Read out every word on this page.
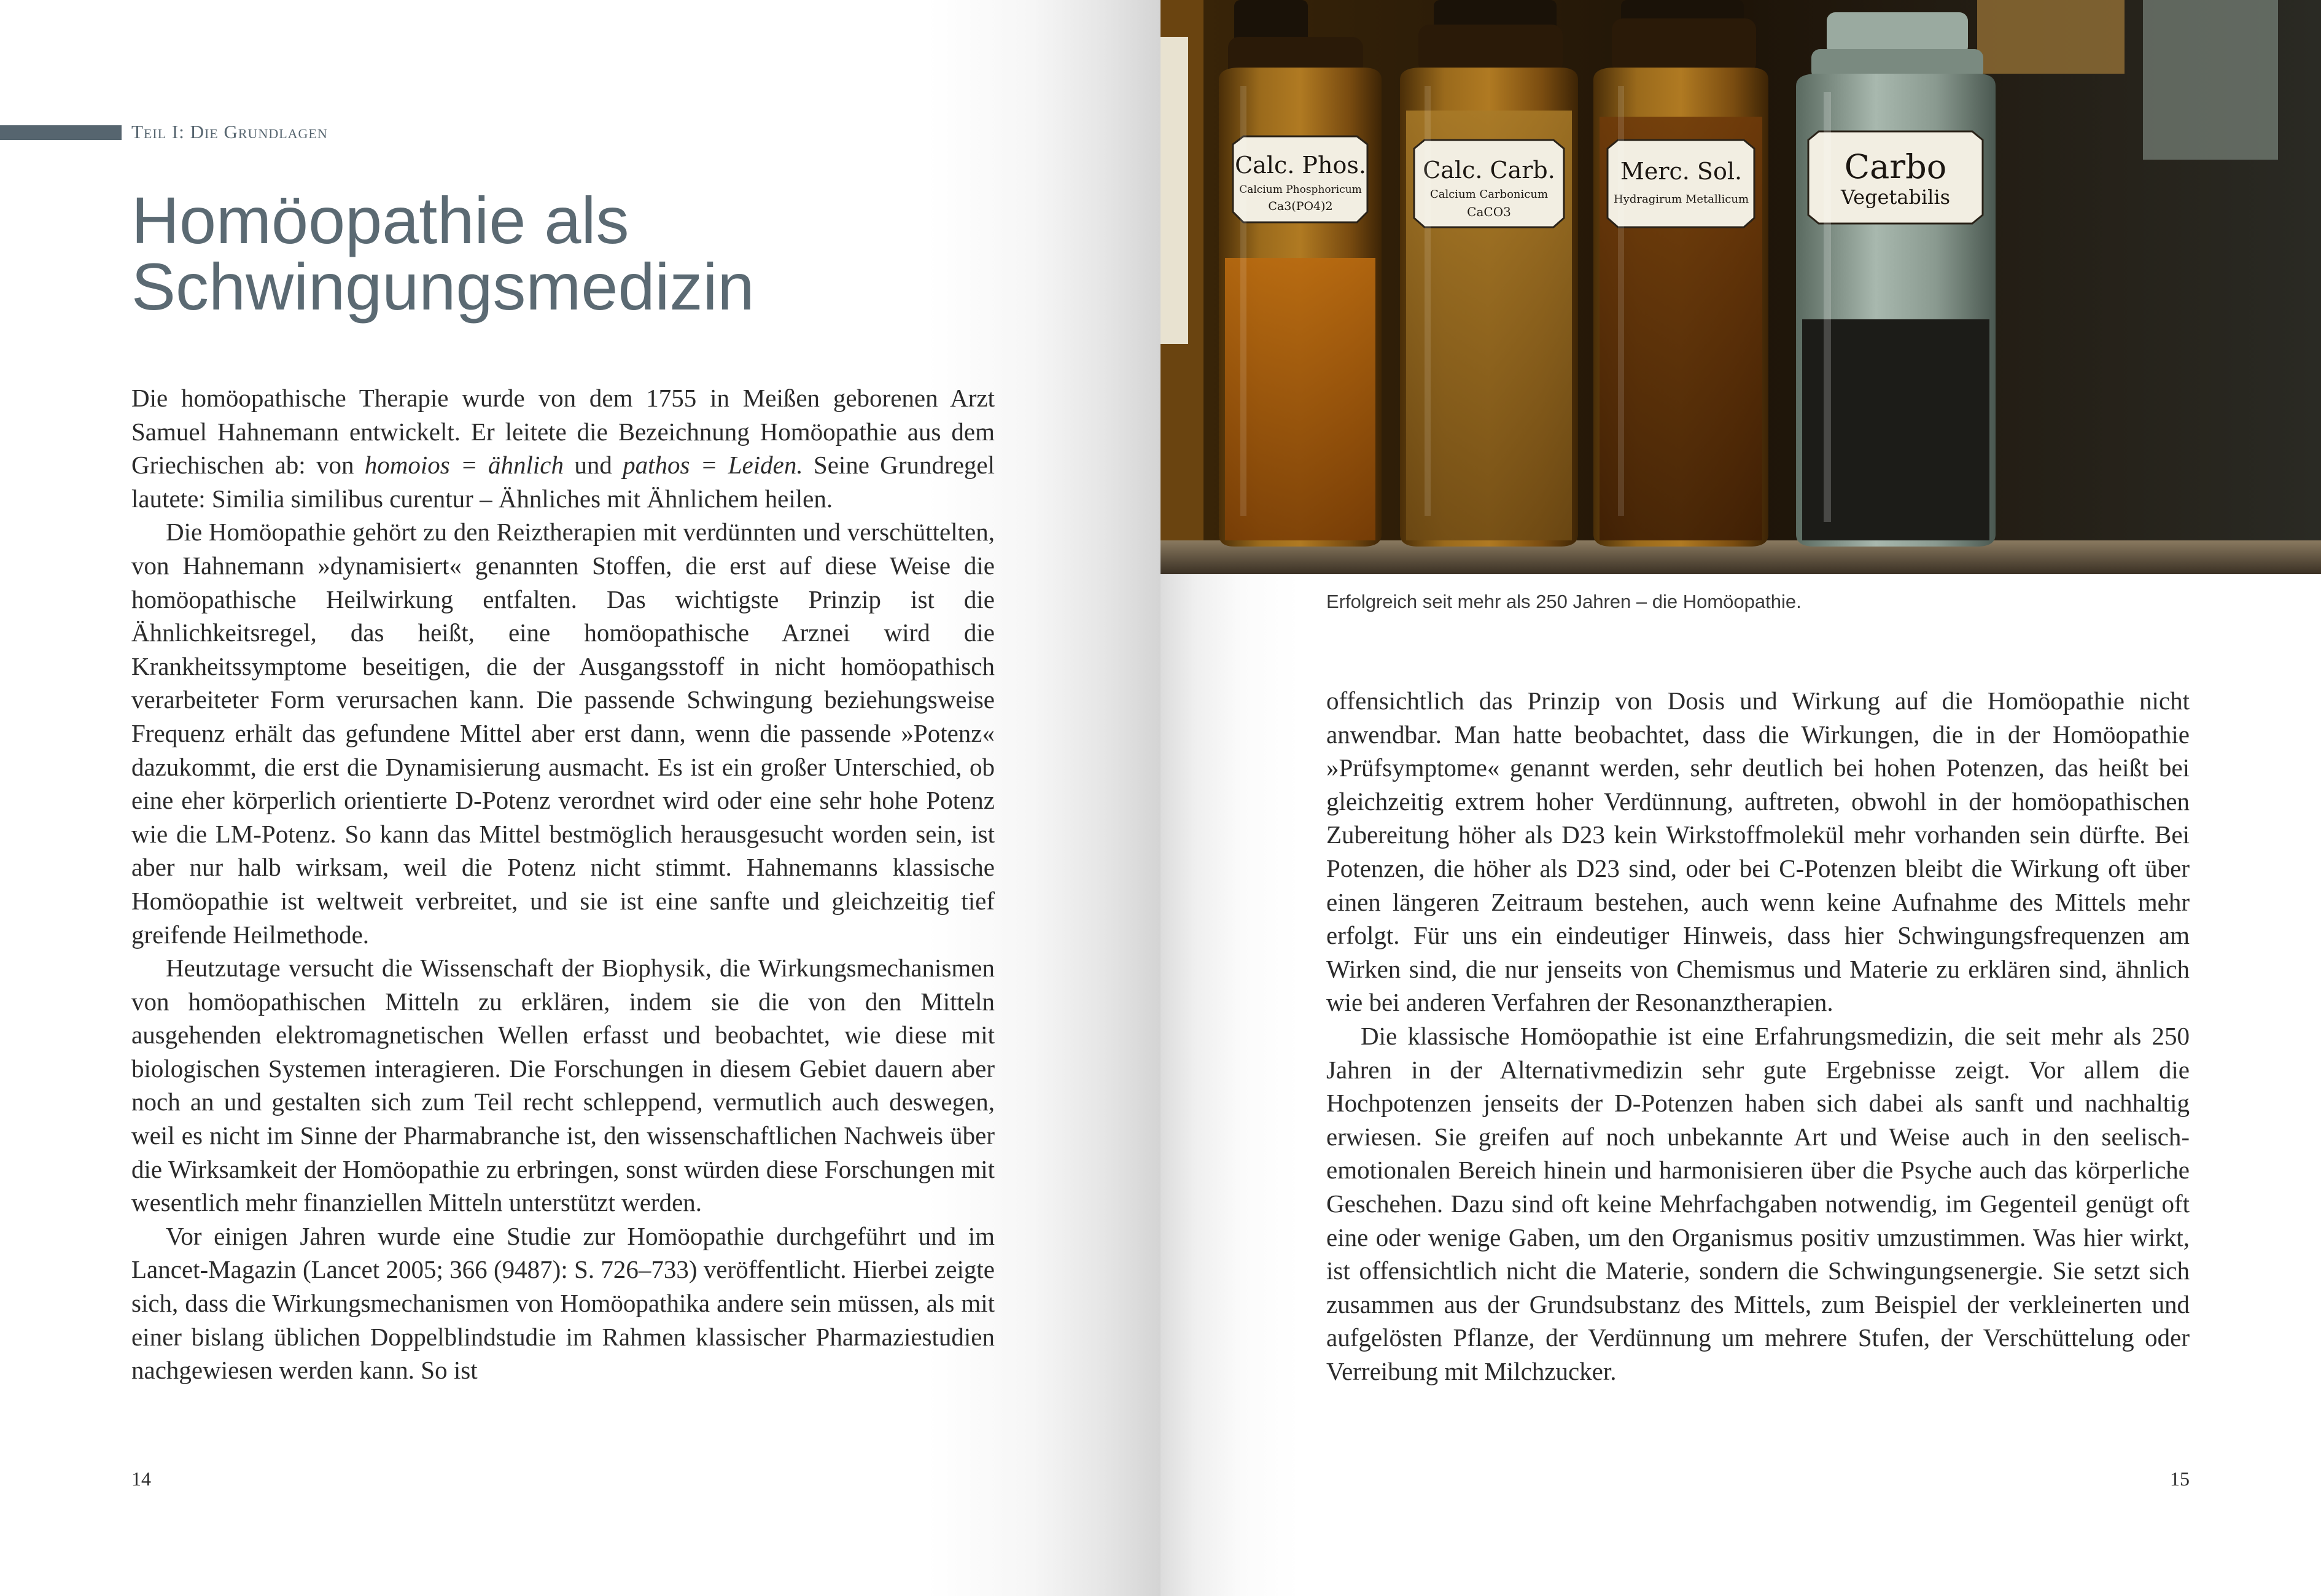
Teil I: Die Grundlagen
Homöopathie als
Schwingungsmedizin

Die homöopathische Therapie wurde von dem 1755 in Meißen geborenen Arzt Samuel Hahnemann entwickelt. Er leitete die Bezeichnung Homöopathie aus dem Griechischen ab: von homoios = ähnlich und pathos = Leiden. Seine Grundregel lautete: Similia similibus curentur – Ähnliches mit Ähnlichem heilen.

Die Homöopathie gehört zu den Reiztherapien mit verdünnten und verschüttelten, von Hahnemann »dynamisiert« genannten Stoffen, die erst auf diese Weise die homöopathische Heilwirkung entfalten. Das wichtigste Prinzip ist die Ähnlichkeitsregel, das heißt, eine homöopathische Arznei wird die Krankheitssymptome beseitigen, die der Ausgangsstoff in nicht homöopathisch verarbeiteter Form verursachen kann. Die passende Schwingung beziehungsweise Frequenz erhält das gefundene Mittel aber erst dann, wenn die passende »Potenz« dazukommt, die erst die Dynamisierung ausmacht. Es ist ein großer Unterschied, ob eine eher körperlich orientierte D-Potenz verordnet wird oder eine sehr hohe Potenz wie die LM-Potenz. So kann das Mittel bestmöglich herausgesucht worden sein, ist aber nur halb wirksam, weil die Potenz nicht stimmt. Hahnemanns klassische Homöopathie ist weltweit verbreitet, und sie ist eine sanfte und gleichzeitig tief greifende Heilmethode.

Heutzutage versucht die Wissenschaft der Biophysik, die Wirkungsmechanismen von homöopathischen Mitteln zu erklären, indem sie die von den Mitteln ausgehenden elektromagnetischen Wellen erfasst und beobachtet, wie diese mit biologischen Systemen interagieren. Die Forschungen in diesem Gebiet dauern aber noch an und gestalten sich zum Teil recht schleppend, vermutlich auch deswegen, weil es nicht im Sinne der Pharmabranche ist, den wissenschaftlichen Nachweis über die Wirksamkeit der Homöopathie zu erbringen, sonst würden diese Forschungen mit wesentlich mehr finanziellen Mitteln unterstützt werden.

Vor einigen Jahren wurde eine Studie zur Homöopathie durchgeführt und im Lancet-Magazin (Lancet 2005; 366 (9487): S. 726–733) veröffentlicht. Hierbei zeigte sich, dass die Wirkungsmechanismen von Homöopathika andere sein müssen, als mit einer bislang üblichen Doppelblindstudie im Rahmen klassischer Pharmaziestudien nachgewiesen werden kann. So ist

14
Erfolgreich seit mehr als 250 Jahren – die Homöopathie.

offensichtlich das Prinzip von Dosis und Wirkung auf die Homöopathie nicht anwendbar. Man hatte beobachtet, dass die Wirkungen, die in der Homöopathie »Prüfsymptome« genannt werden, sehr deutlich bei hohen Potenzen, das heißt bei gleichzeitig extrem hoher Verdünnung, auftreten, obwohl in der homöopathischen Zubereitung höher als D23 kein Wirkstoffmolekül mehr vorhanden sein dürfte. Bei Potenzen, die höher als D23 sind, oder bei C-Potenzen bleibt die Wirkung oft über einen längeren Zeitraum bestehen, auch wenn keine Aufnahme des Mittels mehr erfolgt. Für uns ein eindeutiger Hinweis, dass hier Schwingungsfrequenzen am Wirken sind, die nur jenseits von Chemismus und Materie zu erklären sind, ähnlich wie bei anderen Verfahren der Resonanztherapien.

Die klassische Homöopathie ist eine Erfahrungsmedizin, die seit mehr als 250 Jahren in der Alternativmedizin sehr gute Ergebnisse zeigt. Vor allem die Hochpotenzen jenseits der D-Potenzen haben sich dabei als sanft und nachhaltig erwiesen. Sie greifen auf noch unbekannte Art und Weise auch in den seelisch-emotionalen Bereich hinein und harmonisieren über die Psyche auch das körperliche Geschehen. Dazu sind oft keine Mehrfachgaben notwendig, im Gegenteil genügt oft eine oder wenige Gaben, um den Organismus positiv umzustimmen. Was hier wirkt, ist offensichtlich nicht die Materie, sondern die Schwingungsenergie. Sie setzt sich zusammen aus der Grundsubstanz des Mittels, zum Beispiel der verkleinerten und aufgelösten Pflanze, der Verdünnung um mehrere Stufen, der Verschüttelung oder Verreibung mit Milchzucker.

15
Calc. Phos.
Calcium Phosphoricum
Ca3(PO4)2
Calc. Carb.
Calcium Carbonicum
CaCO3
Merc. Sol.
Hydragirum Metallicum
Carbo
Vegetabilis
